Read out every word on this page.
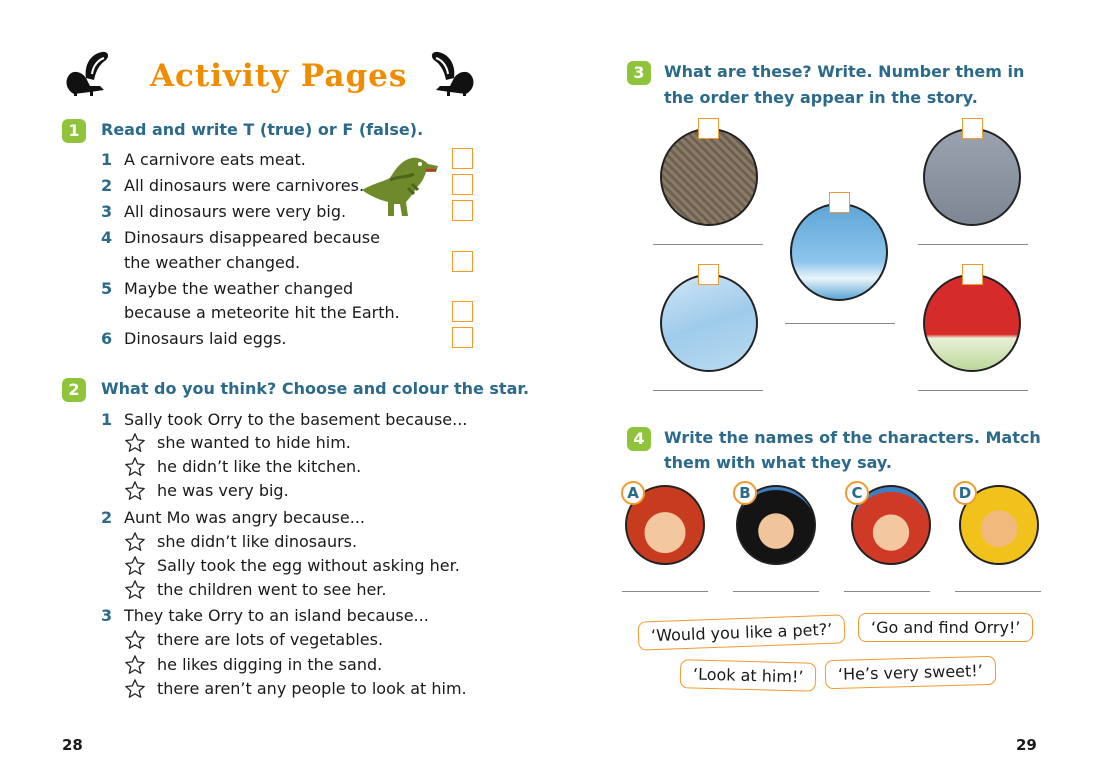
Activity Pages
1	Read and write T (true) or F (false).
1 A carnivore eats meat.
2 All dinosaurs were carnivores.
3 All dinosaurs were very big.
4 Dinosaurs disappeared because
the weather changed.
5 Maybe the weather changed
because a meteorite hit the Earth.
6 Dinosaurs laid eggs.
2	What do you think? Choose and colour the star.
1 Sally took Orry to the basement because...
she wanted to hide him.
he didn’t like the kitchen.
he was very big.
2 Aunt Mo was angry because...
she didn’t like dinosaurs.
Sally took the egg without asking her.
the children went to see her.
3 They take Orry to an island because...
there are lots of vegetables.
he likes digging in the sand.
there aren’t any people to look at him.
28
3	What are these? Write. Number them in
the order they appear in the story.
4	Write the names of the characters. Match
them with what they say.
A	B	C	D
‘Would you like a pet?’	‘Go and find Orry!’
‘Look at him!’	‘He’s very sweet!’
29
